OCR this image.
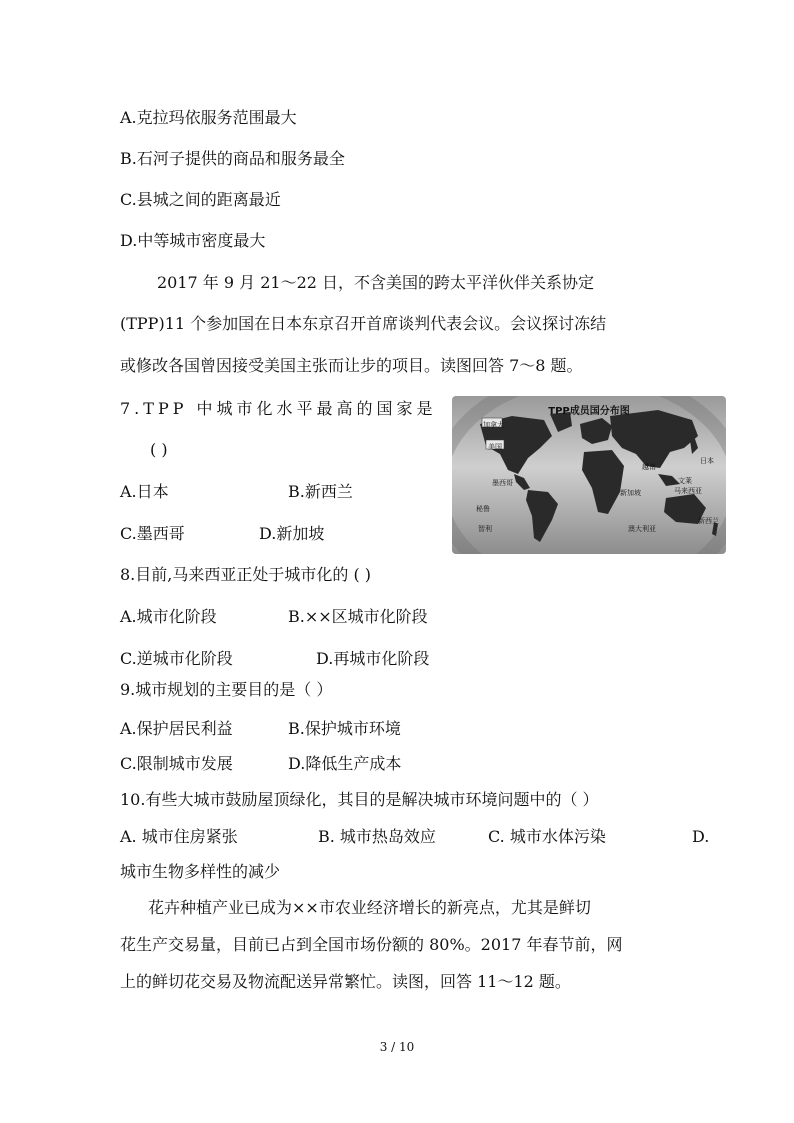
A.克拉玛依服务范围最大
B.石河子提供的商品和服务最全
C.县城之间的距离最近
D.中等城市密度最大
2017 年 9 月 21～22 日，不含美国的跨太平洋伙伴关系协定
(TPP)11 个参加国在日本东京召开首席谈判代表会议。会议探讨冻结
或修改各国曾因接受美国主张而让步的项目。读图回答 7～8 题。
7.TPP 中城市化水平最高的国家是
( )
A.日本	B.新西兰
C.墨西哥	D.新加坡
TPP成员国分布图
加拿大
美国
墨西哥
秘鲁
智利
日本
越南
文莱
马来西亚
新加坡
澳大利亚
新西兰
8.目前,马来西亚正处于城市化的 ( )
A.城市化阶段	B.××区城市化阶段
C.逆城市化阶段	D.再城市化阶段
9.城市规划的主要目的是（ ）
A.保护居民利益	B.保护城市环境
C.限制城市发展	D.降低生产成本
10.有些大城市鼓励屋顶绿化，其目的是解决城市环境问题中的（ ）
A. 城市住房紧张	B. 城市热岛效应	C. 城市水体污染	D.
城市生物多样性的减少
花卉种植产业已成为××市农业经济增长的新亮点，尤其是鲜切
花生产交易量，目前已占到全国市场份额的 80%。2017 年春节前，网
上的鲜切花交易及物流配送异常繁忙。读图，回答 11～12 题。
3 / 10
